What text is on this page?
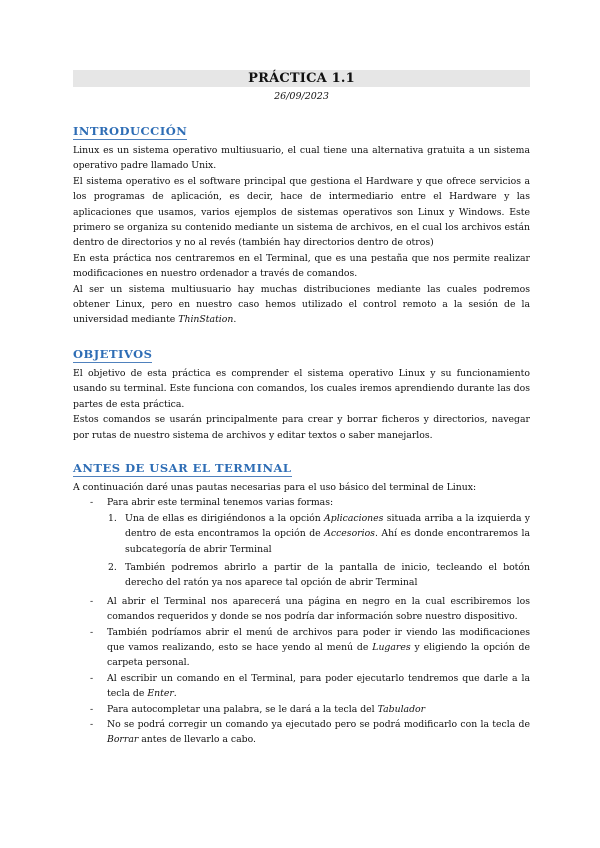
PRÁCTICA 1.1
26/09/2023
INTRODUCCIÓN

Linux es un sistema operativo multiusuario, el cual tiene una alternativa gratuita a un sistema operativo padre llamado Unix.

El sistema operativo es el software principal que gestiona el Hardware y que ofrece servicios a los programas de aplicación, es decir, hace de intermediario entre el Hardware y las aplicaciones que usamos, varios ejemplos de sistemas operativos son Linux y Windows. Este primero se organiza su contenido mediante un sistema de archivos, en el cual los archivos están dentro de directorios y no al revés (también hay directorios dentro de otros)

En esta práctica nos centraremos en el Terminal, que es una pestaña que nos permite realizar modificaciones en nuestro ordenador a través de comandos.

Al ser un sistema multiusuario hay muchas distribuciones mediante las cuales podremos obtener Linux, pero en nuestro caso hemos utilizado el control remoto a la sesión de la universidad mediante ThinStation.

OBJETIVOS

El objetivo de esta práctica es comprender el sistema operativo Linux y su funcionamiento usando su terminal. Este funciona con comandos, los cuales iremos aprendiendo durante las dos partes de esta práctica.

Estos comandos se usarán principalmente para crear y borrar ficheros y directorios, navegar por rutas de nuestro sistema de archivos y editar textos o saber manejarlos.

ANTES DE USAR EL TERMINAL

A continuación daré unas pautas necesarias para el uso básico del terminal de Linux:

- Para abrir este terminal tenemos varias formas:
1. Una de ellas es dirigiéndonos a la opción Aplicaciones situada arriba a la izquierda y dentro de esta encontramos la opción de Accesorios. Ahí es donde encontraremos la subcategoría de abrir Terminal
2. También podremos abrirlo a partir de la pantalla de inicio, tecleando el botón derecho del ratón ya nos aparece tal opción de abrir Terminal
- Al abrir el Terminal nos aparecerá una página en negro en la cual escribiremos los comandos requeridos y donde se nos podría dar información sobre nuestro dispositivo.
- También podríamos abrir el menú de archivos para poder ir viendo las modificaciones que vamos realizando, esto se hace yendo al menú de Lugares y eligiendo la opción de carpeta personal.
- Al escribir un comando en el Terminal, para poder ejecutarlo tendremos que darle a la tecla de Enter.
- Para autocompletar una palabra, se le dará a la tecla del Tabulador
- No se podrá corregir un comando ya ejecutado pero se podrá modificarlo con la tecla de Borrar antes de llevarlo a cabo.
